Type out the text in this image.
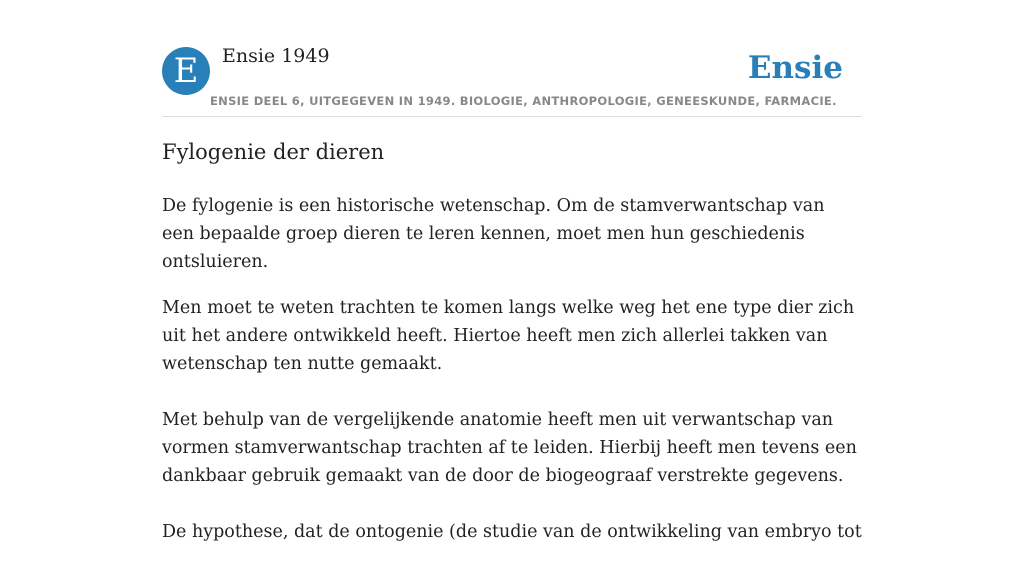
E	Ensie 1949	Ensie
ENSIE DEEL 6, UITGEGEVEN IN 1949. BIOLOGIE, ANTHROPOLOGIE, GENEESKUNDE, FARMACIE.
Fylogenie der dieren

De fylogenie is een historische wetenschap. Om de stamverwantschap van een bepaalde groep dieren te leren kennen, moet men hun geschiedenis ontsluieren.

Men moet te weten trachten te komen langs welke weg het ene type dier zich uit het andere ontwikkeld heeft. Hiertoe heeft men zich allerlei takken van wetenschap ten nutte gemaakt.

Met behulp van de vergelijkende anatomie heeft men uit verwantschap van vormen stamverwantschap trachten af te leiden. Hierbij heeft men tevens een dankbaar gebruik gemaakt van de door de biogeograaf verstrekte gegevens.

De hypothese, dat de ontogenie (de studie van de ontwikkeling van embryo tot
